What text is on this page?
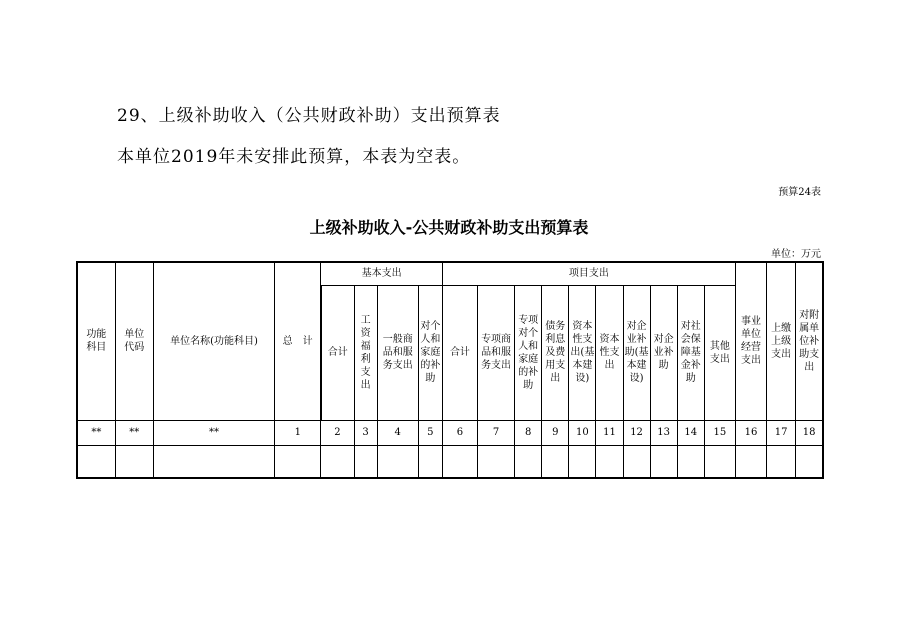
29、上级补助收入（公共财政补助）支出预算表
本单位2019年未安排此预算，本表为空表。
预算24表
上级补助收入-公共财政补助支出预算表
单位：万元
功能科目	单位代码	单位名称(功能科目)	总　计	基本支出				项目支出										事业单位经营支出	上缴上级支出	对附属单位补助支出
				合计	工资福利支出	一般商品和服务支出	对个人和家庭的补助	合计	专项商品和服务支出	专项对个人和家庭的补助	债务利息及费用支出	资本性支出(基本建设)	资本性支出	对企业补助(基本建设)	对企业补助	对社会保障基金补助	其他支出			

**	**	**	1	2	3	4	5	6	7	8	9	10	11	12	13	14	15	16	17	18
